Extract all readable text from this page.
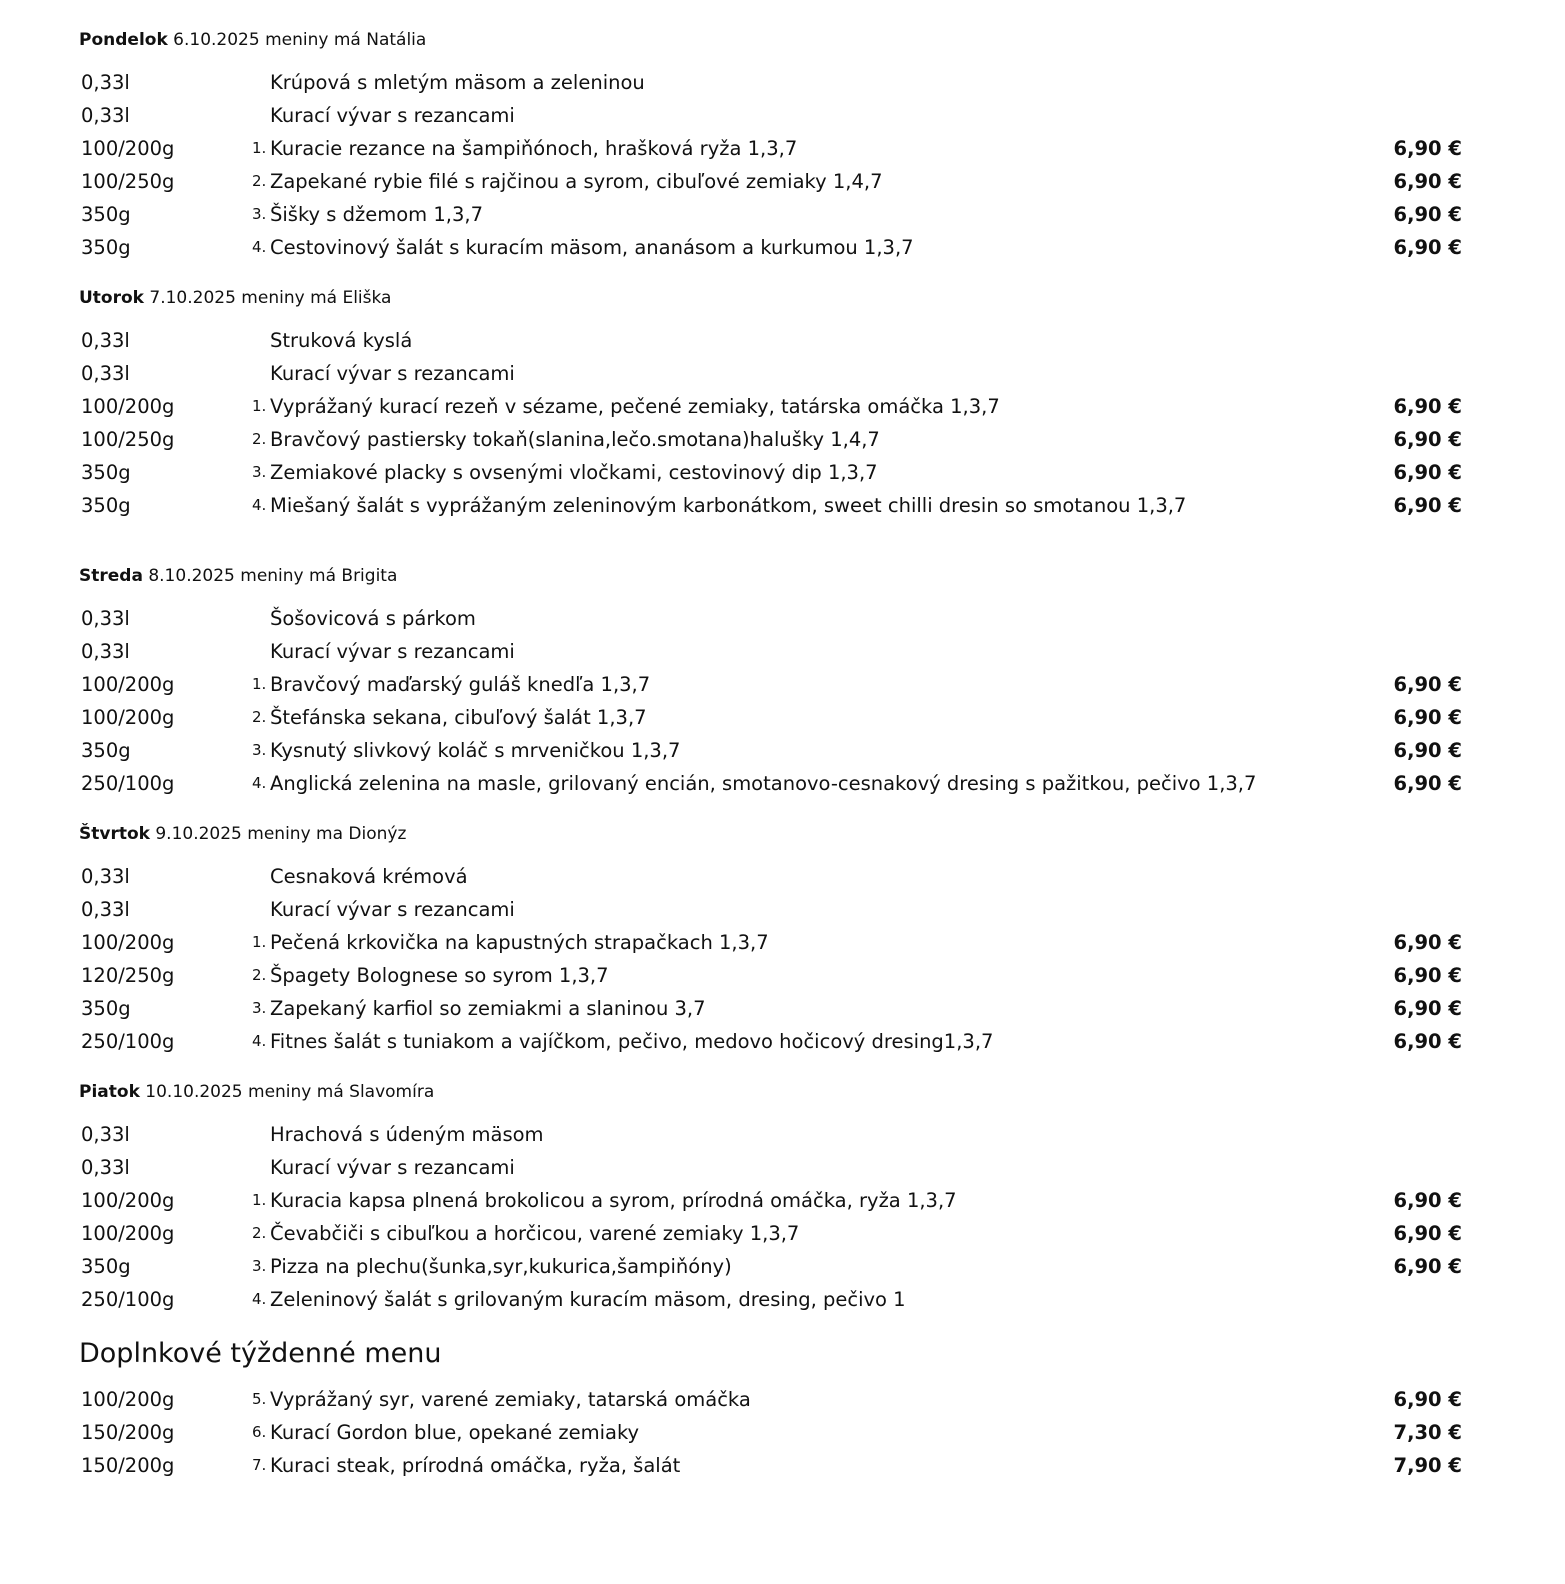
Pondelok 6.10.2025 meniny má Natália
0,33l	Krúpová s mletým mäsom a zeleninou
0,33l	Kurací vývar s rezancami
100/200g	1. Kuracie rezance na šampiňónoch, hrašková ryža 1,3,7	6,90 €
100/250g	2. Zapekané rybie filé s rajčinou a syrom, cibuľové zemiaky 1,4,7	6,90 €
350g	3. Šišky s džemom 1,3,7	6,90 €
350g	4. Cestovinový šalát s kuracím mäsom, ananásom a kurkumou 1,3,7	6,90 €
Utorok 7.10.2025 meniny má Eliška
0,33l	Struková kyslá
0,33l	Kurací vývar s rezancami
100/200g	1. Vyprážaný kurací rezeň v sézame, pečené zemiaky, tatárska omáčka 1,3,7	6,90 €
100/250g	2. Bravčový pastiersky tokaň(slanina,lečo.smotana)halušky 1,4,7	6,90 €
350g	3. Zemiakové placky s ovsenými vločkami, cestovinový dip 1,3,7	6,90 €
350g	4. Miešaný šalát s vyprážaným zeleninovým karbonátkom, sweet chilli dresin so smotanou 1,3,7	6,90 €
Streda 8.10.2025 meniny má Brigita
0,33l	Šošovicová s párkom
0,33l	Kurací vývar s rezancami
100/200g	1. Bravčový maďarský guláš knedľa 1,3,7	6,90 €
100/200g	2. Štefánska sekana, cibuľový šalát 1,3,7	6,90 €
350g	3. Kysnutý slivkový koláč s mrveničkou 1,3,7	6,90 €
250/100g	4. Anglická zelenina na masle, grilovaný encián, smotanovo-cesnakový dresing s pažitkou, pečivo 1,3,7	6,90 €
Štvrtok 9.10.2025 meniny ma Dionýz
0,33l	Cesnaková krémová
0,33l	Kurací vývar s rezancami
100/200g	1. Pečená krkovička na kapustných strapačkach 1,3,7	6,90 €
120/250g	2. Špagety Bolognese so syrom 1,3,7	6,90 €
350g	3. Zapekaný karfiol so zemiakmi a slaninou 3,7	6,90 €
250/100g	4. Fitnes šalát s tuniakom a vajíčkom, pečivo, medovo hočicový dresing1,3,7	6,90 €
Piatok 10.10.2025 meniny má Slavomíra
0,33l	Hrachová s údeným mäsom
0,33l	Kurací vývar s rezancami
100/200g	1. Kuracia kapsa plnená brokolicou a syrom, prírodná omáčka, ryža 1,3,7	6,90 €
100/200g	2. Čevabčiči s cibuľkou a horčicou, varené zemiaky 1,3,7	6,90 €
350g	3. Pizza na plechu(šunka,syr,kukurica,šampiňóny)	6,90 €
250/100g	4. Zeleninový šalát s grilovaným kuracím mäsom, dresing, pečivo 1
Doplnkové týždenné menu
100/200g	5. Vyprážaný syr, varené zemiaky, tatarská omáčka	6,90 €
150/200g	6. Kurací Gordon blue, opekané zemiaky	7,30 €
150/200g	7. Kuraci steak, prírodná omáčka, ryža, šalát	7,90 €
